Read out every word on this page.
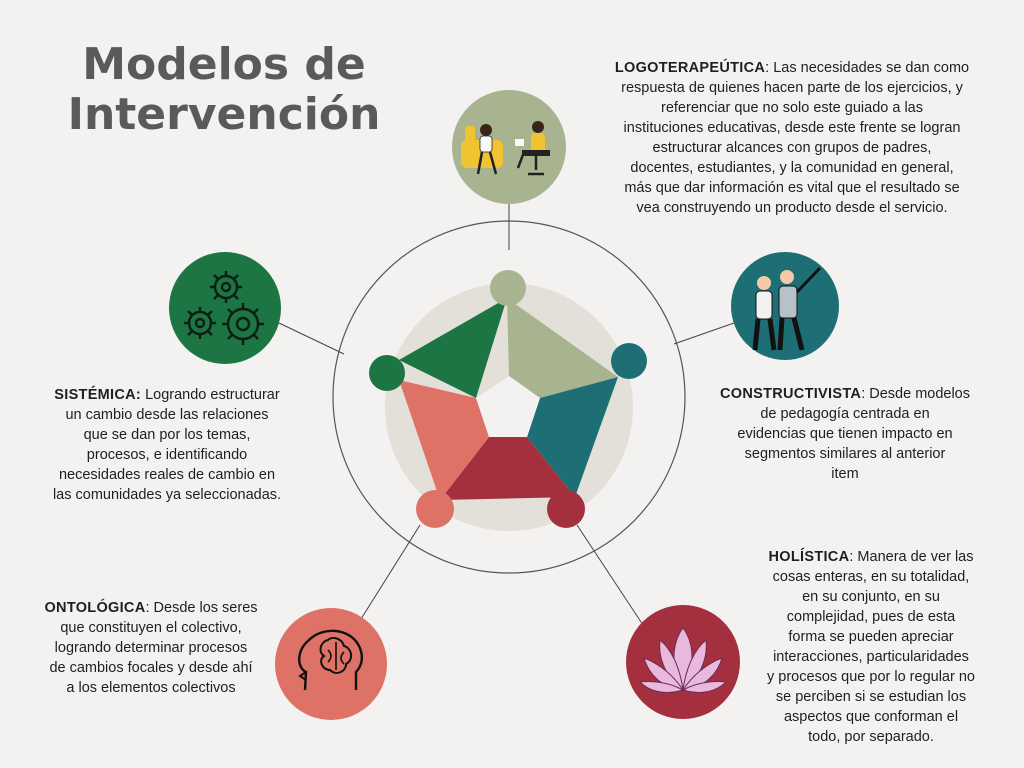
Modelos de
Intervención
LOGOTERAPEÚTICA: Las necesidades se dan como
respuesta de quienes hacen parte de los ejercicios, y
referenciar que no solo este guiado a las
instituciones educativas, desde este frente se logran
estructurar alcances con grupos de padres,
docentes, estudiantes, y la comunidad en general,
más que dar información es vital que el resultado se
vea construyendo un producto desde el servicio.
SISTÉMICA: Logrando estructurar
un cambio desde las relaciones
que se dan por los temas,
procesos, e identificando
necesidades reales de cambio en
las comunidades ya seleccionadas.
CONSTRUCTIVISTA: Desde modelos
de pedagogía centrada en
evidencias que tienen impacto en
segmentos similares al anterior
item
ONTOLÓGICA: Desde los seres
que constituyen el colectivo,
logrando determinar procesos
de cambios focales y desde ahí
a los elementos colectivos
HOLÍSTICA: Manera de ver las
cosas enteras, en su totalidad,
en su conjunto, en su
complejidad, pues de esta
forma se pueden apreciar
interacciones, particularidades
y procesos que por lo regular no
se perciben si se estudian los
aspectos que conforman el
todo, por separado.
